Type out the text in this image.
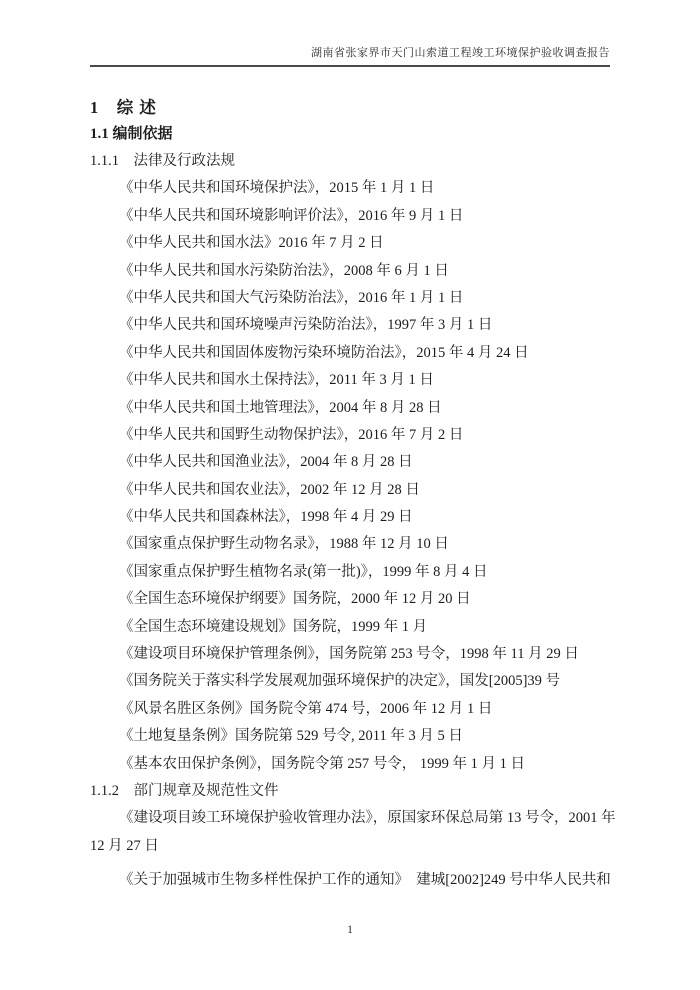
湖南省张家界市天门山索道工程竣工环境保护验收调查报告
1　综 述
1.1 编制依据
1.1.1　法律及行政法规
《中华人民共和国环境保护法》，2015 年 1 月 1 日
《中华人民共和国环境影响评价法》，2016 年 9 月 1 日
《中华人民共和国水法》2016 年 7 月 2 日
《中华人民共和国水污染防治法》，2008 年 6 月 1 日
《中华人民共和国大气污染防治法》，2016 年 1 月 1 日
《中华人民共和国环境噪声污染防治法》，1997 年 3 月 1 日
《中华人民共和国固体废物污染环境防治法》，2015 年 4 月 24 日
《中华人民共和国水土保持法》，2011 年 3 月 1 日
《中华人民共和国土地管理法》，2004 年 8 月 28 日
《中华人民共和国野生动物保护法》，2016 年 7 月 2 日
《中华人民共和国渔业法》，2004 年 8 月 28 日
《中华人民共和国农业法》，2002 年 12 月 28 日
《中华人民共和国森林法》，1998 年 4 月 29 日
《国家重点保护野生动物名录》，1988 年 12 月 10 日
《国家重点保护野生植物名录(第一批)》，1999 年 8 月 4 日
《全国生态环境保护纲要》国务院，2000 年 12 月 20 日
《全国生态环境建设规划》国务院，1999 年 1 月
《建设项目环境保护管理条例》，国务院第 253 号令，1998 年 11 月 29 日
《国务院关于落实科学发展观加强环境保护的决定》，国发[2005]39 号
《风景名胜区条例》国务院令第 474 号，2006 年 12 月 1 日
《土地复垦条例》国务院第 529 号令, 2011 年 3 月 5 日
《基本农田保护条例》，国务院令第 257 号令， 1999 年 1 月 1 日
1.1.2　部门规章及规范性文件
《建设项目竣工环境保护验收管理办法》，原国家环保总局第 13 号令，2001 年
12 月 27 日
《关于加强城市生物多样性保护工作的通知》　建城[2002]249 号中华人民共和
1
